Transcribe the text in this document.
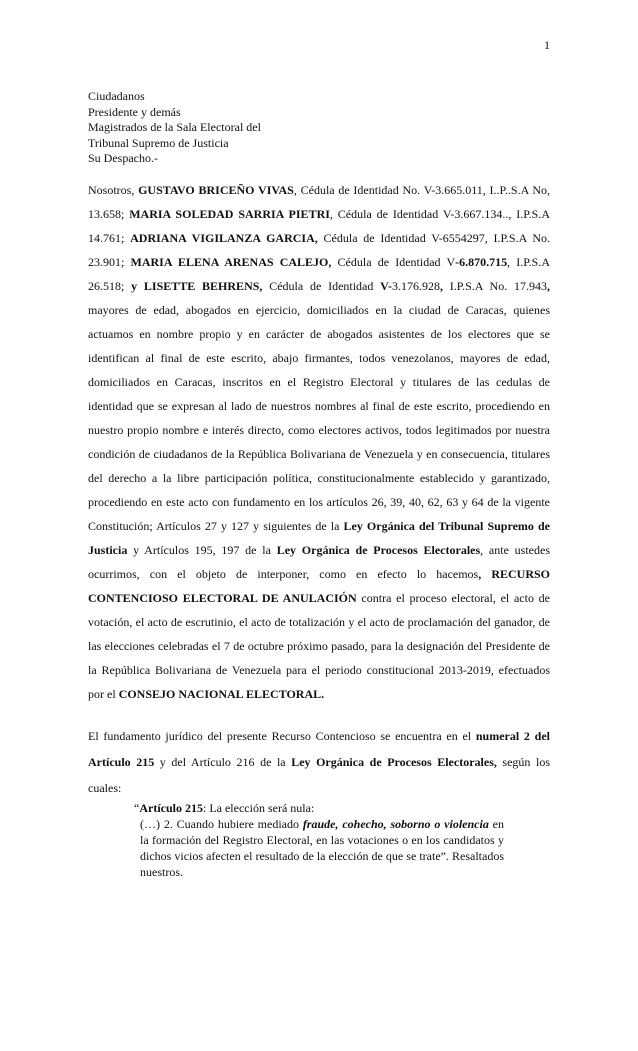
1
Ciudadanos
Presidente y demás
Magistrados de la Sala Electoral del
Tribunal Supremo de Justicia
Su Despacho.-
Nosotros, GUSTAVO BRICEÑO VIVAS, Cédula de Identidad No. V-3.665.011, I..P..S.A No, 13.658; MARIA SOLEDAD SARRIA PIETRI, Cédula de Identidad V-3.667.134.., I.P.S.A 14.761; ADRIANA VIGILANZA GARCIA, Cédula de Identidad V-6554297, I.P.S.A No. 23.901; MARIA ELENA ARENAS CALEJO, Cédula de Identidad V-6.870.715, I.P.S.A 26.518; y LISETTE BEHRENS, Cédula de Identidad V-3.176.928, I.P.S.A No. 17.943, mayores de edad, abogados en ejercicio, domiciliados en la ciudad de Caracas, quienes actuamos en nombre propio y en carácter de abogados asistentes de los electores que se identifican al final de este escrito, abajo firmantes, todos venezolanos, mayores de edad, domiciliados en Caracas, inscritos en el Registro Electoral y titulares de las cedulas de identidad que se expresan al lado de nuestros nombres al final de este escrito, procediendo en nuestro propio nombre e interés directo, como electores activos, todos legitimados por nuestra condición de ciudadanos de la República Bolivariana de Venezuela y en consecuencia, titulares del derecho a la libre participación política, constitucionalmente establecido y garantizado, procediendo en este acto con fundamento en los artículos 26, 39, 40, 62, 63 y 64 de la vigente Constitución; Artículos 27 y 127 y siguientes de la Ley Orgánica del Tribunal Supremo de Justicia y Artículos 195, 197 de la Ley Orgánica de Procesos Electorales, ante ustedes ocurrimos, con el objeto de interponer, como en efecto lo hacemos, RECURSO CONTENCIOSO ELECTORAL DE ANULACIÓN contra el proceso electoral, el acto de votación, el acto de escrutinio, el acto de totalización y el acto de proclamación del ganador, de las elecciones celebradas el 7 de octubre próximo pasado, para la designación del Presidente de la República Bolivariana de Venezuela para el periodo constitucional 2013-2019, efectuados por el CONSEJO NACIONAL ELECTORAL.
El fundamento jurídico del presente Recurso Contencioso se encuentra en el numeral 2 del Artículo 215 y del Artículo 216 de la Ley Orgánica de Procesos Electorales, según los cuales:
“Artículo 215: La elección será nula:
(…) 2. Cuando hubiere mediado fraude, cohecho, soborno o violencia en la formación del Registro Electoral, en las votaciones o en los candidatos y dichos vicios afecten el resultado de la elección de que se trate”. Resaltados nuestros.
